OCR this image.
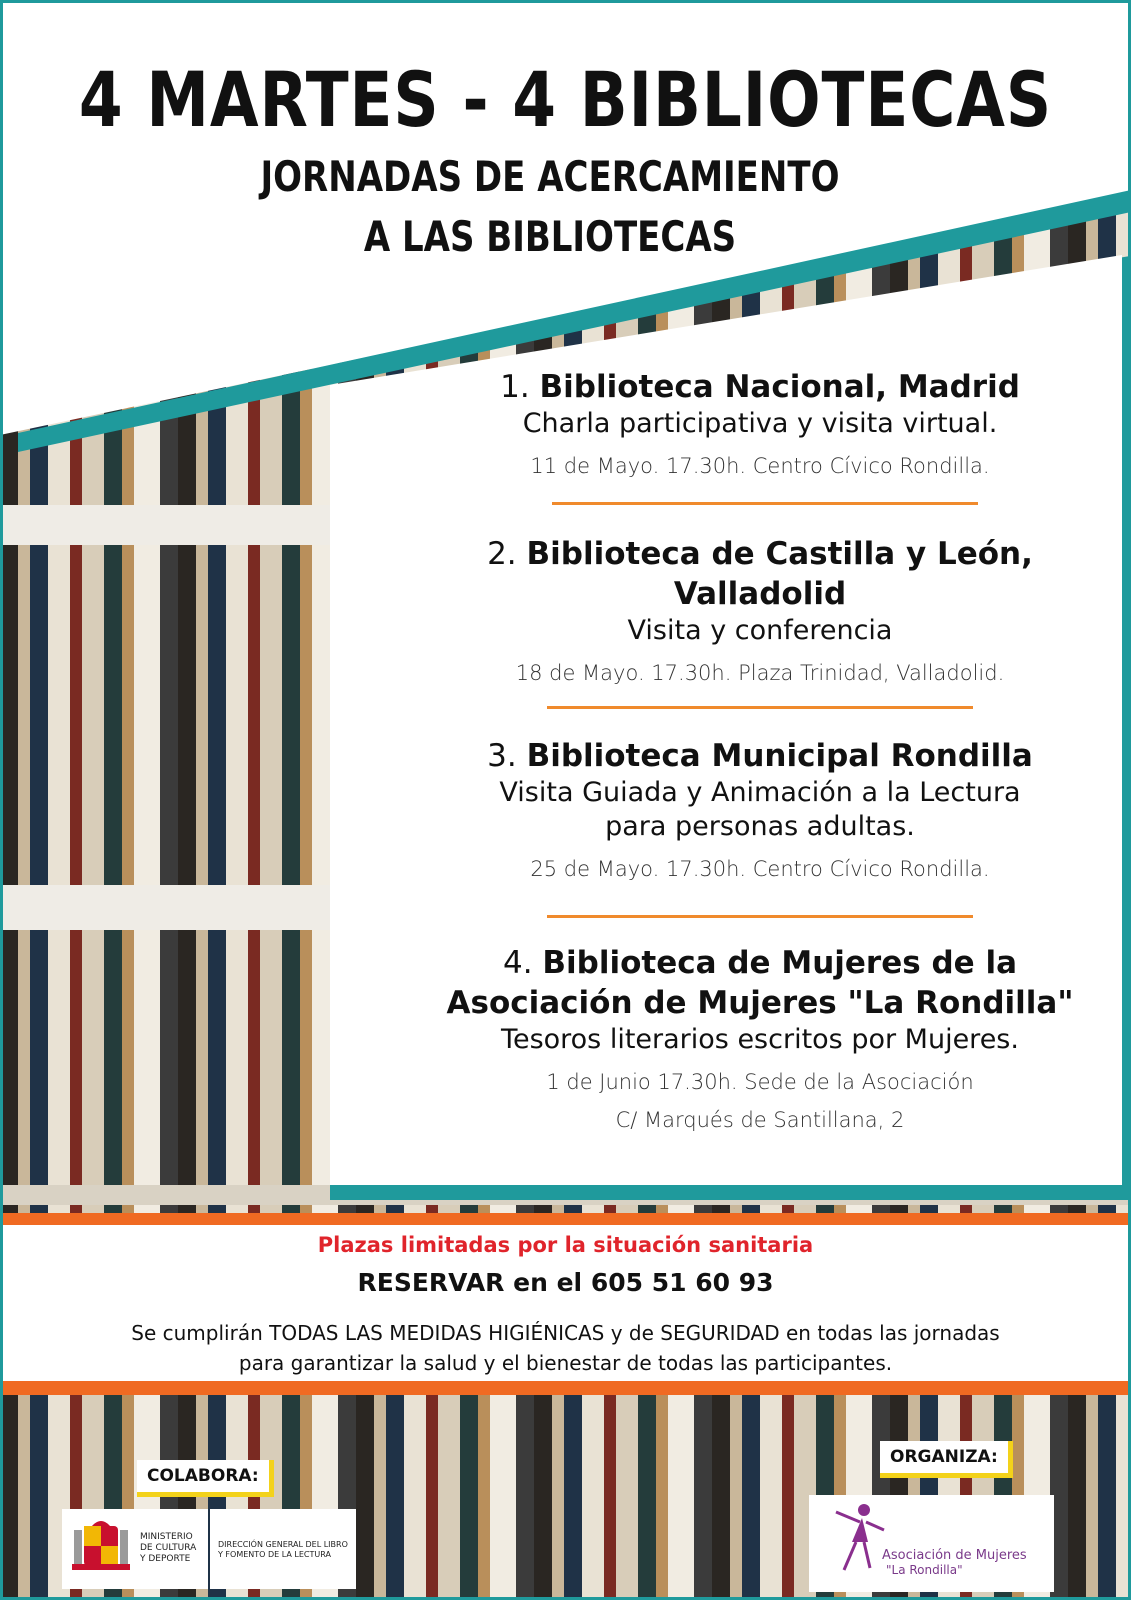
4 MARTES - 4 BIBLIOTECAS
JORNADAS DE ACERCAMIENTO
A LAS BIBLIOTECAS
1. Biblioteca Nacional, Madrid
Charla participativa y visita virtual.
11 de Mayo. 17.30h. Centro Cívico Rondilla.
2. Biblioteca de Castilla y León,
Valladolid
Visita y conferencia
18 de Mayo. 17.30h. Plaza Trinidad, Valladolid.
3. Biblioteca Municipal Rondilla
Visita Guiada y Animación a la Lectura
para personas adultas.
25 de Mayo. 17.30h. Centro Cívico Rondilla.
4. Biblioteca de Mujeres de la
Asociación de Mujeres "La Rondilla"
Tesoros literarios escritos por Mujeres.
1 de Junio 17.30h. Sede de la Asociación
C/ Marqués de Santillana, 2
Plazas limitadas por la situación sanitaria
RESERVAR en el 605 51 60 93
Se cumplirán TODAS LAS MEDIDAS HIGIÉNICAS y de SEGURIDAD en todas las jornadas
para garantizar la salud y el bienestar de todas las participantes.
COLABORA:
MINISTERIO
DE CULTURA
Y DEPORTE
DIRECCIÓN GENERAL DEL LIBRO
Y FOMENTO DE LA LECTURA
ORGANIZA:
Asociación de Mujeres
"La Rondilla"
